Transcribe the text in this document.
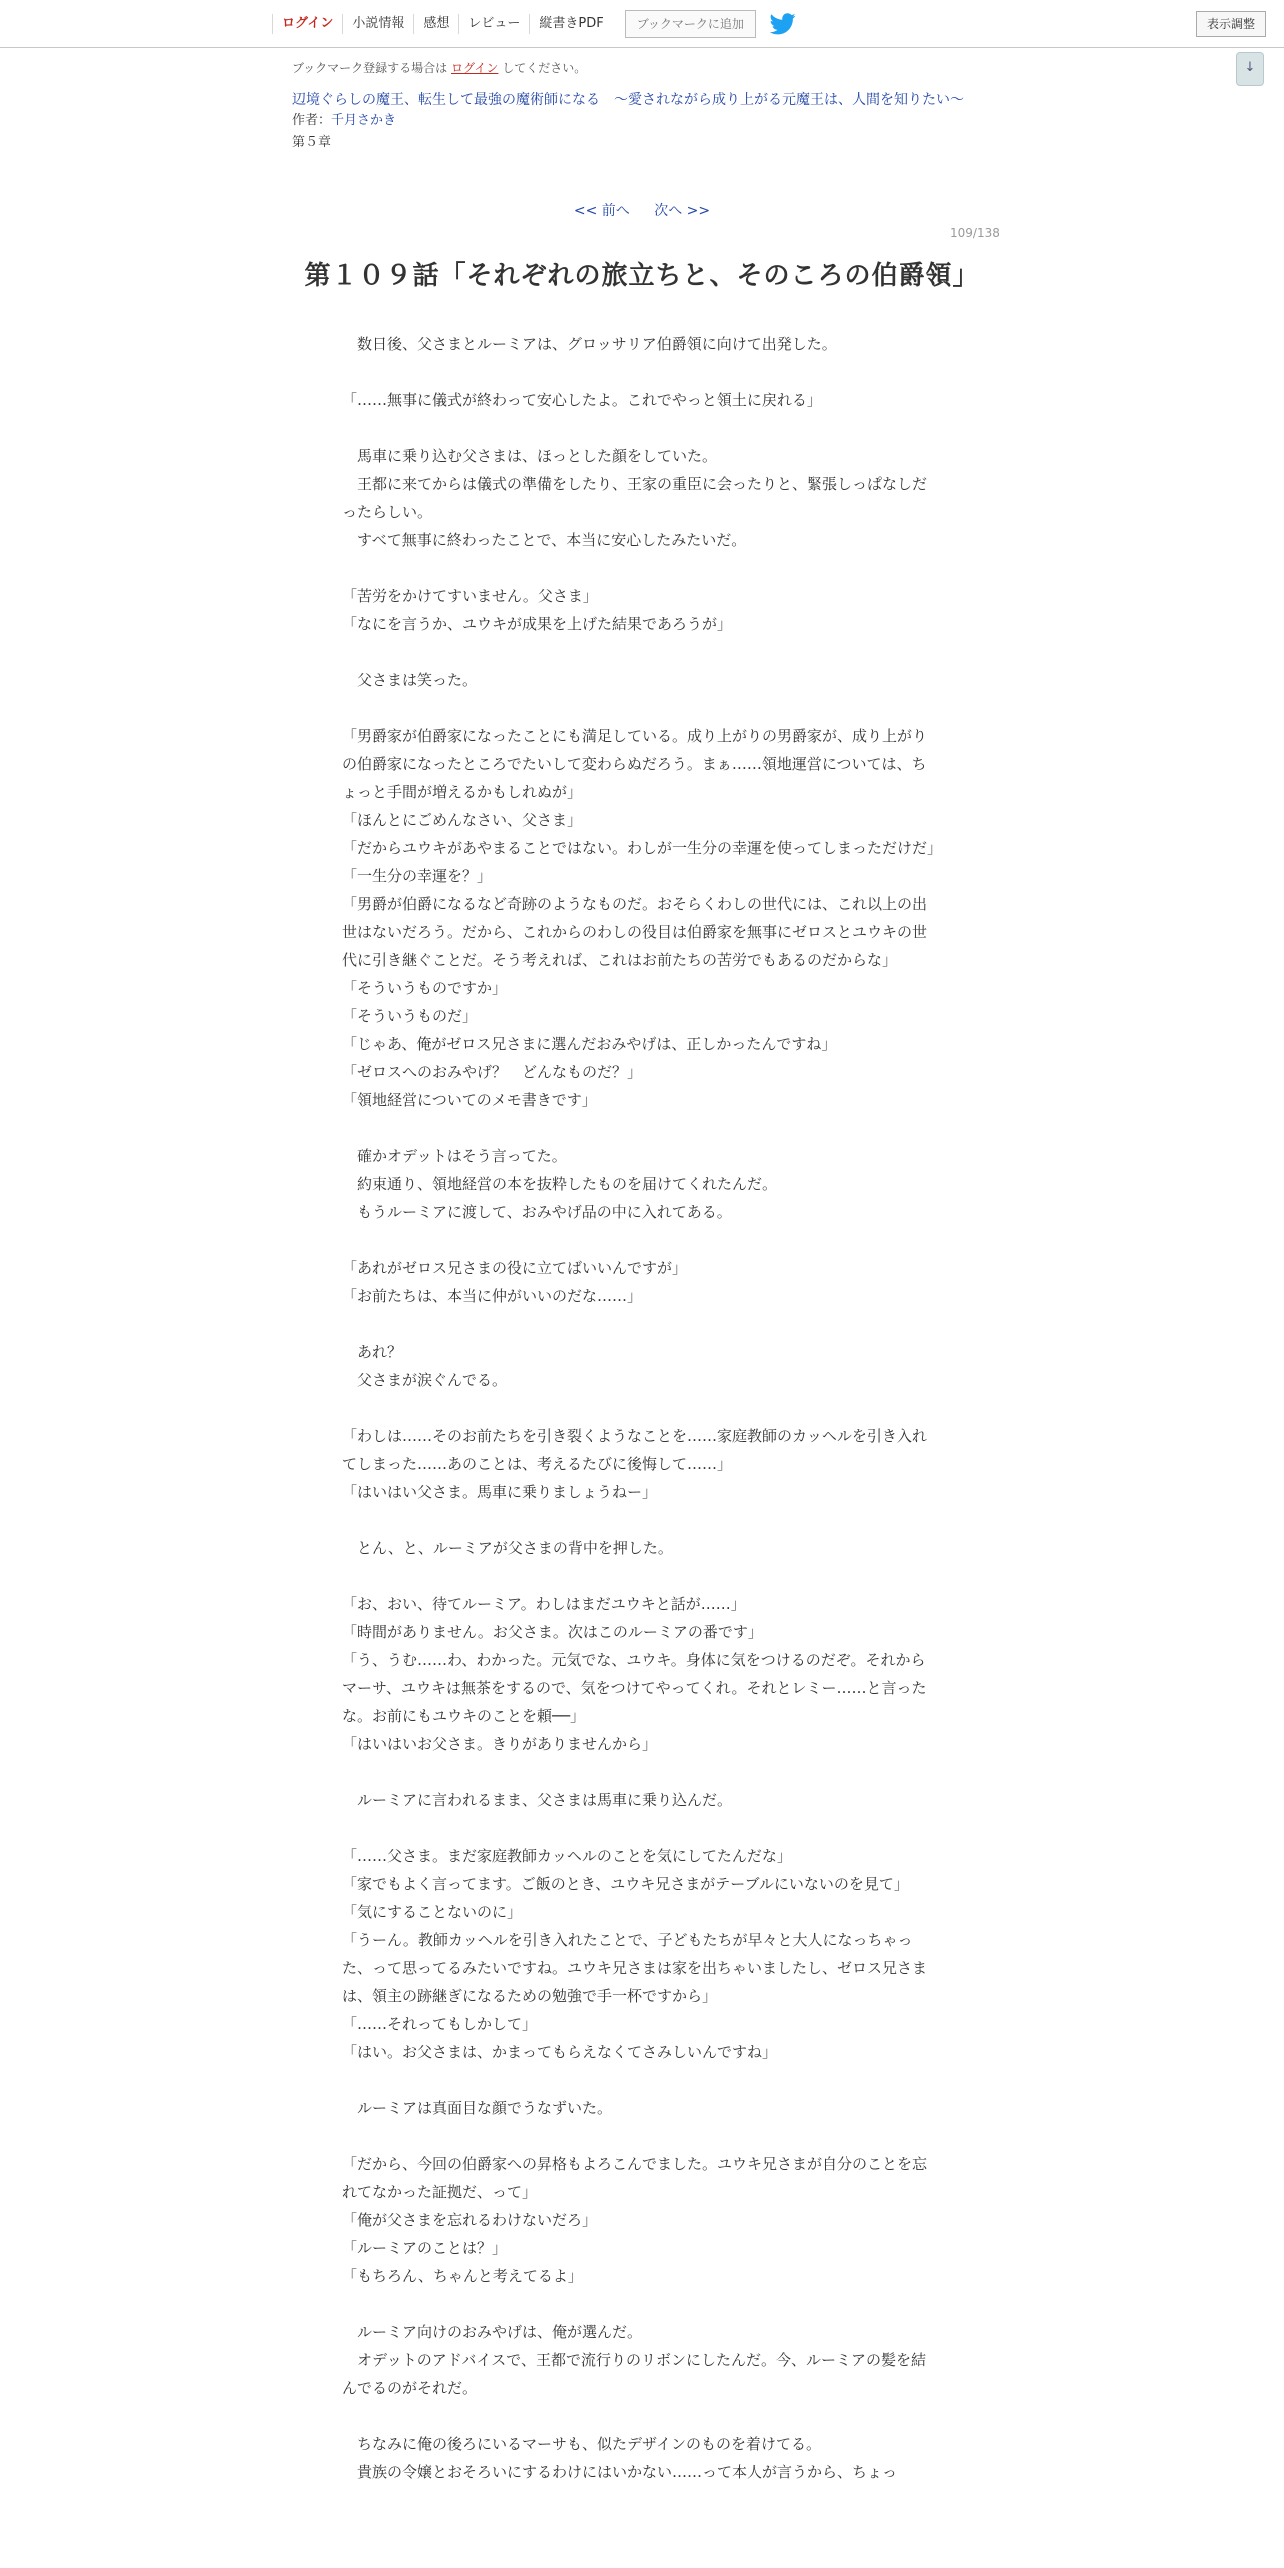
ログイン	小説情報	感想	レビュー	縦書きPDF	ブックマークに追加	表示調整
↓
ブックマーク登録する場合は ログイン してください。
辺境ぐらしの魔王、転生して最強の魔術師になる　〜愛されながら成り上がる元魔王は、人間を知りたい〜
作者：千月さかき
第５章
<< 前へ 次へ >>
109/138
第１０９話「それぞれの旅立ちと、そのころの伯爵領」

　数日後、父さまとルーミアは、グロッサリア伯爵領に向けて出発した。

「……無事に儀式が終わって安心したよ。これでやっと領土に戻れる」

　馬車に乗り込む父さまは、ほっとした顔をしていた。

　王都に来てからは儀式の準備をしたり、王家の重臣に会ったりと、緊張しっぱなしだったらしい。

　すべて無事に終わったことで、本当に安心したみたいだ。

「苦労をかけてすいません。父さま」

「なにを言うか、ユウキが成果を上げた結果であろうが」

　父さまは笑った。

「男爵家が伯爵家になったことにも満足している。成り上がりの男爵家が、成り上がりの伯爵家になったところでたいして変わらぬだろう。まぁ……領地運営については、ちょっと手間が増えるかもしれぬが」

「ほんとにごめんなさい、父さま」

「だからユウキがあやまることではない。わしが一生分の幸運を使ってしまっただけだ」

「一生分の幸運を？」

「男爵が伯爵になるなど奇跡のようなものだ。おそらくわしの世代には、これ以上の出世はないだろう。だから、これからのわしの役目は伯爵家を無事にゼロスとユウキの世代に引き継ぐことだ。そう考えれば、これはお前たちの苦労でもあるのだからな」

「そういうものですか」

「そういうものだ」

「じゃあ、俺がゼロス兄さまに選んだおみやげは、正しかったんですね」

「ゼロスへのおみやげ？　どんなものだ？」

「領地経営についてのメモ書きです」

　確かオデットはそう言ってた。

　約束通り、領地経営の本を抜粋したものを届けてくれたんだ。

　もうルーミアに渡して、おみやげ品の中に入れてある。

「あれがゼロス兄さまの役に立てばいいんですが」

「お前たちは、本当に仲がいいのだな……」

　あれ？

　父さまが涙ぐんでる。

「わしは……そのお前たちを引き裂くようなことを……家庭教師のカッヘルを引き入れてしまった……あのことは、考えるたびに後悔して……」

「はいはい父さま。馬車に乗りましょうねー」

　とん、と、ルーミアが父さまの背中を押した。

「お、おい、待てルーミア。わしはまだユウキと話が……」

「時間がありません。お父さま。次はこのルーミアの番です」

「う、うむ……わ、わかった。元気でな、ユウキ。身体に気をつけるのだぞ。それからマーサ、ユウキは無茶をするので、気をつけてやってくれ。それとレミー……と言ったな。お前にもユウキのことを頼──」

「はいはいお父さま。きりがありませんから」

　ルーミアに言われるまま、父さまは馬車に乗り込んだ。

「……父さま。まだ家庭教師カッヘルのことを気にしてたんだな」

「家でもよく言ってます。ご飯のとき、ユウキ兄さまがテーブルにいないのを見て」

「気にすることないのに」

「うーん。教師カッヘルを引き入れたことで、子どもたちが早々と大人になっちゃった、って思ってるみたいですね。ユウキ兄さまは家を出ちゃいましたし、ゼロス兄さまは、領主の跡継ぎになるための勉強で手一杯ですから」

「……それってもしかして」

「はい。お父さまは、かまってもらえなくてさみしいんですね」

　ルーミアは真面目な顔でうなずいた。

「だから、今回の伯爵家への昇格もよろこんでました。ユウキ兄さまが自分のことを忘れてなかった証拠だ、って」

「俺が父さまを忘れるわけないだろ」

「ルーミアのことは？」

「もちろん、ちゃんと考えてるよ」

　ルーミア向けのおみやげは、俺が選んだ。

　オデットのアドバイスで、王都で流行りのリボンにしたんだ。今、ルーミアの髪を結んでるのがそれだ。

　ちなみに俺の後ろにいるマーサも、似たデザインのものを着けてる。

　貴族の令嬢とおそろいにするわけにはいかない……って本人が言うから、ちょっ
